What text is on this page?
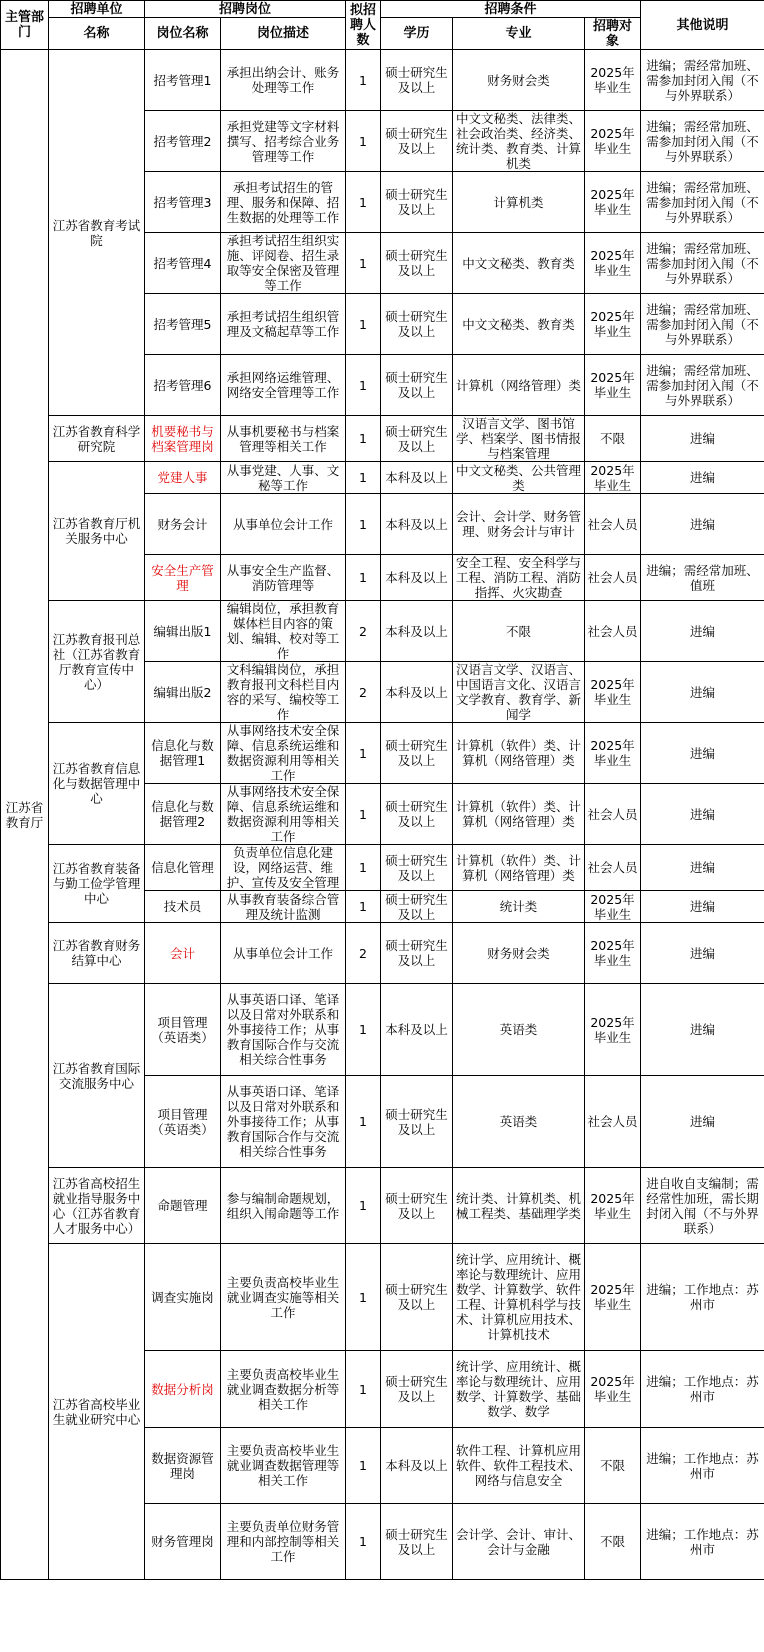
主管部门	招聘单位	招聘岗位		拟招聘人数	招聘条件			其他说明
	名称	岗位名称	岗位描述		学历	专业	招聘对象	
江苏省教育厅	江苏省教育考试院	招考管理1	承担出纳会计、账务处理等工作	1	硕士研究生及以上	财务财会类	2025年毕业生	进编；需经常加班、需参加封闭入闱（不与外界联系）
		招考管理2	承担党建等文字材料撰写、招考综合业务管理等工作	1	硕士研究生及以上	中文文秘类、法律类、社会政治类、经济类、统计类、教育类、计算机类	2025年毕业生	进编；需经常加班、需参加封闭入闱（不与外界联系）
		招考管理3	承担考试招生的管理、服务和保障、招生数据的处理等工作	1	硕士研究生及以上	计算机类	2025年毕业生	进编；需经常加班、需参加封闭入闱（不与外界联系）
		招考管理4	承担考试招生组织实施、评阅卷、招生录取等安全保密及管理等工作	1	硕士研究生及以上	中文文秘类、教育类	2025年毕业生	进编；需经常加班、需参加封闭入闱（不与外界联系）
		招考管理5	承担考试招生组织管理及文稿起草等工作	1	硕士研究生及以上	中文文秘类、教育类	2025年毕业生	进编；需经常加班、需参加封闭入闱（不与外界联系）
		招考管理6	承担网络运维管理、网络安全管理等工作	1	硕士研究生及以上	计算机（网络管理）类	2025年毕业生	进编；需经常加班、需参加封闭入闱（不与外界联系）
	江苏省教育科学研究院	机要秘书与档案管理岗	从事机要秘书与档案管理等相关工作	1	硕士研究生及以上	汉语言文学、图书馆学、档案学、图书情报与档案管理	不限	进编
	江苏省教育厅机关服务中心	党建人事	从事党建、人事、文秘等工作	1	本科及以上	中文文秘类、公共管理类	2025年毕业生	进编
		财务会计	从事单位会计工作	1	本科及以上	会计、会计学、财务管理、财务会计与审计	社会人员	进编
		安全生产管理	从事安全生产监督、消防管理等	1	本科及以上	安全工程、安全科学与工程、消防工程、消防指挥、火灾勘查	社会人员	进编；需经常加班、值班
	江苏教育报刊总社（江苏省教育厅教育宣传中心）	编辑出版1	编辑岗位，承担教育媒体栏目内容的策划、编辑、校对等工作	2	本科及以上	不限	社会人员	进编
		编辑出版2	文科编辑岗位，承担教育报刊文科栏目内容的采写、编校等工作	2	本科及以上	汉语言文学、汉语言、中国语言文化、汉语言文学教育、教育学、新闻学	2025年毕业生	进编
	江苏省教育信息化与数据管理中心	信息化与数据管理1	从事网络技术安全保障、信息系统运维和数据资源利用等相关工作	1	硕士研究生及以上	计算机（软件）类、计算机（网络管理）类	2025年毕业生	进编
		信息化与数据管理2	从事网络技术安全保障、信息系统运维和数据资源利用等相关工作	1	硕士研究生及以上	计算机（软件）类、计算机（网络管理）类	社会人员	进编
	江苏省教育装备与勤工俭学管理中心	信息化管理	负责单位信息化建设，网络运营、维护、宣传及安全管理	1	硕士研究生及以上	计算机（软件）类、计算机（网络管理）类	社会人员	进编
		技术员	从事教育装备综合管理及统计监测	1	硕士研究生及以上	统计类	2025年毕业生	进编
	江苏省教育财务结算中心	会计	从事单位会计工作	2	硕士研究生及以上	财务财会类	2025年毕业生	进编
	江苏省教育国际交流服务中心	项目管理（英语类）	从事英语口译、笔译以及日常对外联系和外事接待工作；从事教育国际合作与交流相关综合性事务	1	本科及以上	英语类	2025年毕业生	进编
		项目管理（英语类）	从事英语口译、笔译以及日常对外联系和外事接待工作；从事教育国际合作与交流相关综合性事务	1	硕士研究生及以上	英语类	社会人员	进编
	江苏省高校招生就业指导服务中心（江苏省教育人才服务中心）	命题管理	参与编制命题规划，组织入闱命题等工作	1	硕士研究生及以上	统计类、计算机类、机械工程类、基础理学类	2025年毕业生	进自收自支编制；需经常性加班，需长期封闭入闱（不与外界联系）
	江苏省高校毕业生就业研究中心	调查实施岗	主要负责高校毕业生就业调查实施等相关工作	1	硕士研究生及以上	统计学、应用统计、概率论与数理统计、应用数学、计算数学、软件工程、计算机科学与技术、计算机应用技术、计算机技术	2025年毕业生	进编；工作地点：苏州市
		数据分析岗	主要负责高校毕业生就业调查数据分析等相关工作	1	硕士研究生及以上	统计学、应用统计、概率论与数理统计、应用数学、计算数学、基础数学、数学	2025年毕业生	进编；工作地点：苏州市
		数据资源管理岗	主要负责高校毕业生就业调查数据管理等相关工作	1	本科及以上	软件工程、计算机应用软件、软件工程技术、网络与信息安全	不限	进编；工作地点：苏州市
		财务管理岗	主要负责单位财务管理和内部控制等相关工作	1	硕士研究生及以上	会计学、会计、审计、会计与金融	不限	进编；工作地点：苏州市
